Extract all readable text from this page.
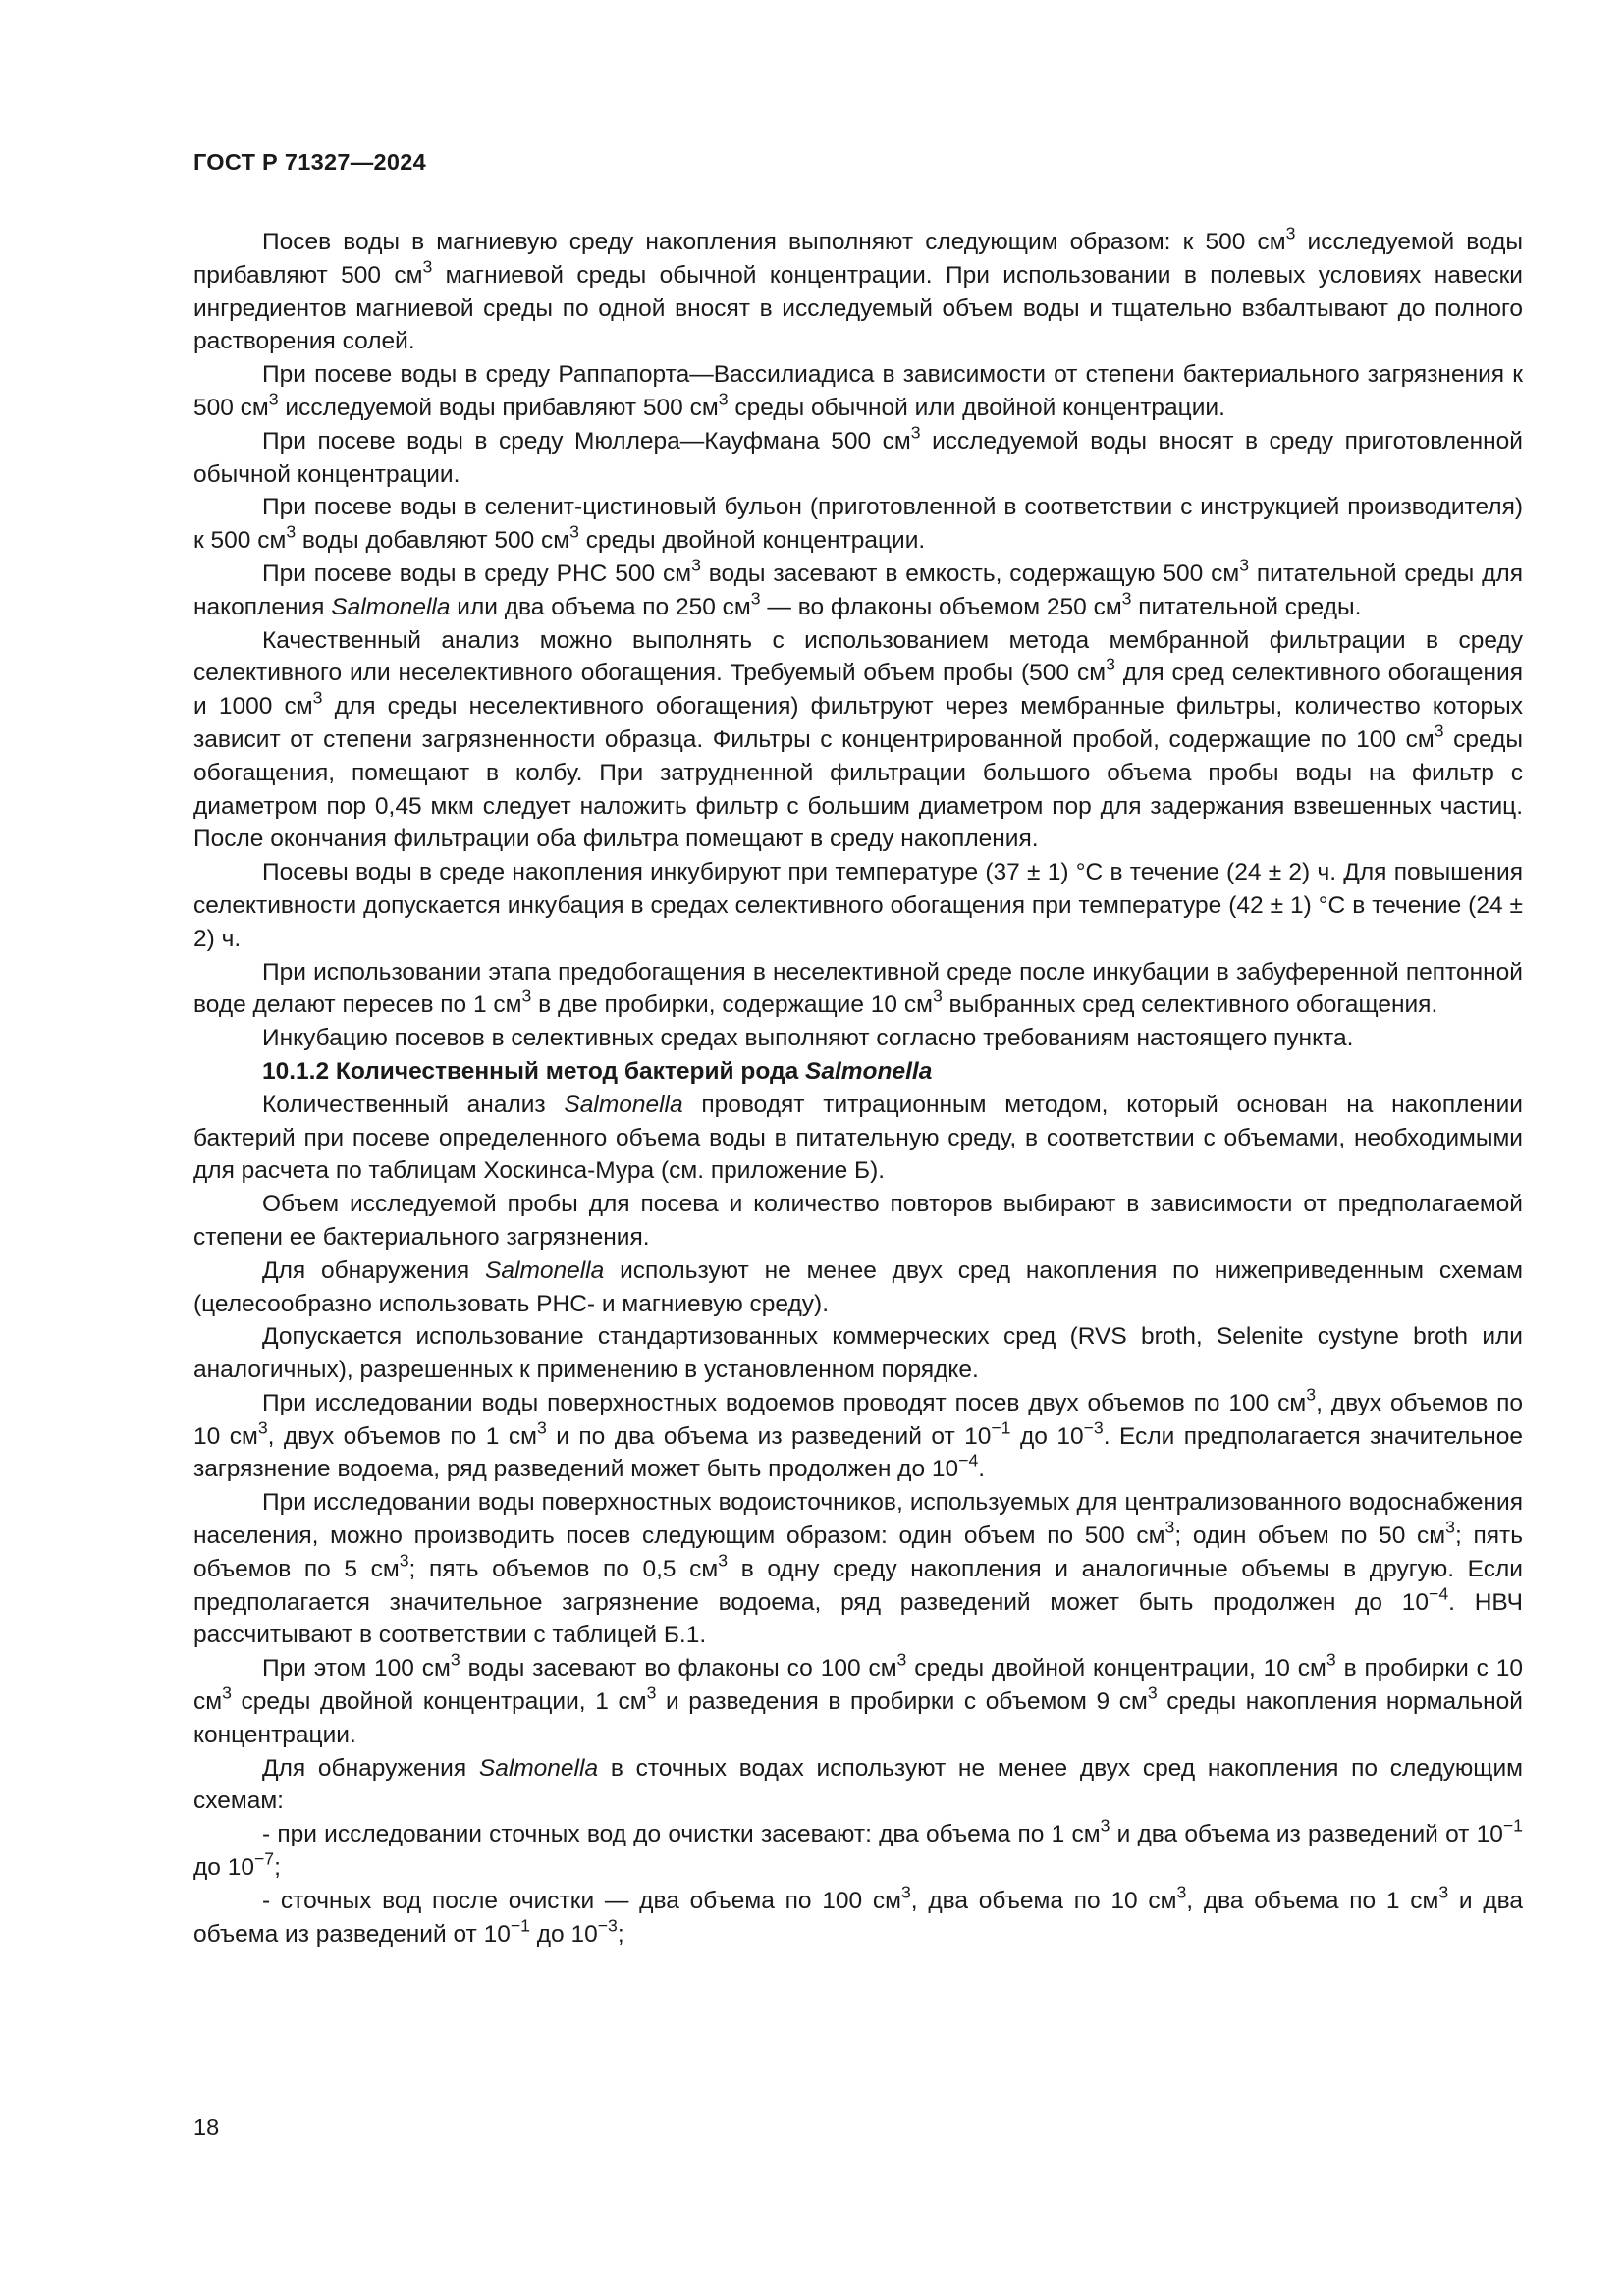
ГОСТ Р 71327—2024

Посев воды в магниевую среду накопления выполняют следующим образом: к 500 $см^3$ исследуемой воды прибавляют 500 $см^3$ магниевой среды обычной концентрации. При использовании в полевых условиях навески ингредиентов магниевой среды по одной вносят в исследуемый объем воды и тщательно взбалтывают до полного растворения солей.

При посеве воды в среду Раппапорта—Вассилиадиса в зависимости от степени бактериального загрязнения к 500 $см^3$ исследуемой воды прибавляют 500 $см^3$ среды обычной или двойной концентрации.

При посеве воды в среду Мюллера—Кауфмана 500 $см^3$ исследуемой воды вносят в среду приготовленной обычной концентрации.

При посеве воды в селенит-цистиновый бульон (приготовленной в соответствии с инструкцией производителя) к 500 $см^3$ воды добавляют 500 $см^3$ среды двойной концентрации.

При посеве воды в среду РНС 500 $см^3$ воды засевают в емкость, содержащую 500 $см^3$ питательной среды для накопления Salmonella или два объема по 250 $см^3$ — во флаконы объемом 250 $см^3$ питательной среды.

Качественный анализ можно выполнять с использованием метода мембранной фильтрации в среду селективного или неселективного обогащения. Требуемый объем пробы (500 $см^3$ для сред селективного обогащения и 1000 $см^3$ для среды неселективного обогащения) фильтруют через мембранные фильтры, количество которых зависит от степени загрязненности образца. Фильтры с концентрированной пробой, содержащие по 100 $см^3$ среды обогащения, помещают в колбу. При затрудненной фильтрации большого объема пробы воды на фильтр с диаметром пор 0,45 мкм следует наложить фильтр с большим диаметром пор для задержания взвешенных частиц. После окончания фильтрации оба фильтра помещают в среду накопления.

Посевы воды в среде накопления инкубируют при температуре (37 ± 1) °С в течение (24 ± 2) ч. Для повышения селективности допускается инкубация в средах селективного обогащения при температуре (42 ± 1) °С в течение (24 ± 2) ч.

При использовании этапа предобогащения в неселективной среде после инкубации в забуференной пептонной воде делают пересев по 1 $см^3$ в две пробирки, содержащие 10 $см^3$ выбранных сред селективного обогащения.

Инкубацию посевов в селективных средах выполняют согласно требованиям настоящего пункта.

10.1.2 Количественный метод бактерий рода Salmonella

Количественный анализ Salmonella проводят титрационным методом, который основан на накоплении бактерий при посеве определенного объема воды в питательную среду, в соответствии с объемами, необходимыми для расчета по таблицам Хоскинса-Мура (см. приложение Б).

Объем исследуемой пробы для посева и количество повторов выбирают в зависимости от предполагаемой степени ее бактериального загрязнения.

Для обнаружения Salmonella используют не менее двух сред накопления по нижеприведенным схемам (целесообразно использовать РНС- и магниевую среду).

Допускается использование стандартизованных коммерческих сред (RVS broth, Selenite cystyne broth или аналогичных), разрешенных к применению в установленном порядке.

При исследовании воды поверхностных водоемов проводят посев двух объемов по 100 $см^3$, двух объемов по 10 $см^3$, двух объемов по 1 $см^3$ и по два объема из разведений от $10^{-1}$ до $10^{-3}$. Если предполагается значительное загрязнение водоема, ряд разведений может быть продолжен до $10^{-4}$.

При исследовании воды поверхностных водоисточников, используемых для централизованного водоснабжения населения, можно производить посев следующим образом: один объем по 500 $см^3$; один объем по 50 $см^3$; пять объемов по 5 $см^3$; пять объемов по 0,5 $см^3$ в одну среду накопления и аналогичные объемы в другую. Если предполагается значительное загрязнение водоема, ряд разведений может быть продолжен до $10^{-4}$. НВЧ рассчитывают в соответствии с таблицей Б.1.

При этом 100 $см^3$ воды засевают во флаконы со 100 $см^3$ среды двойной концентрации, 10 $см^3$ в пробирки с 10 $см^3$ среды двойной концентрации, 1 $см^3$ и разведения в пробирки с объемом 9 $см^3$ среды накопления нормальной концентрации.

Для обнаружения Salmonella в сточных водах используют не менее двух сред накопления по следующим схемам:

- при исследовании сточных вод до очистки засевают: два объема по 1 $см^3$ и два объема из разведений от $10^{-1}$ до $10^{-7}$;

- сточных вод после очистки — два объема по 100 $см^3$, два объема по 10 $см^3$, два объема по 1 $см^3$ и два объема из разведений от $10^{-1}$ до $10^{-3}$;

18
